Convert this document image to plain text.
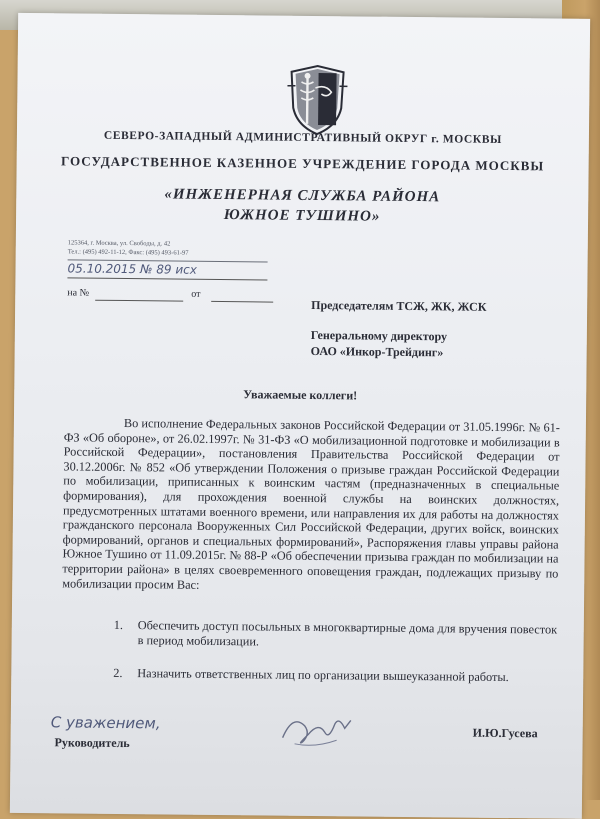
СЕВЕРО-ЗАПАДНЫЙ АДМИНИСТРАТИВНЫЙ ОКРУГ г. МОСКВЫ
ГОСУДАРСТВЕННОЕ КАЗЕННОЕ УЧРЕЖДЕНИЕ ГОРОДА МОСКВЫ
«ИНЖЕНЕРНАЯ СЛУЖБА РАЙОНА
ЮЖНОЕ ТУШИНО»
125364, г. Москва, ул. Свободы, д. 42
Тел.: (495) 492-11-12, Факс: (495) 493-61-97
05.10.2015 № 89 исх
на №	от
Председателям ТСЖ, ЖК, ЖСК
Генеральному директору
ОАО «Инкор-Трейдинг»
Уважаемые коллеги!

Во исполнение Федеральных законов Российской Федерации от 31.05.1996г. № 61-ФЗ «Об обороне», от 26.02.1997г. № 31-ФЗ «О мобилизационной подготовке и мобилизации в Российской Федерации», постановления Правительства Российской Федерации от 30.12.2006г. № 852 «Об утверждении Положения о призыве граждан Российской Федерации по мобилизации, приписанных к воинским частям (предназначенных в специальные формирования), для прохождения военной службы на воинских должностях, предусмотренных штатами военного времени, или направления их для работы на должностях гражданского персонала Вооруженных Сил Российской Федерации, других войск, воинских формирований, органов и специальных формирований», Распоряжения главы управы района Южное Тушино от 11.09.2015г. № 88-Р «Об обеспечении призыва граждан по мобилизации на территории района» в целях своевременного оповещения граждан, подлежащих призыву по мобилизации просим Вас:

1. Обеспечить доступ посыльных в многоквартирные дома для вручения повесток в период мобилизации.
2. Назначить ответственных лиц по организации вышеуказанной работы.
С уважением,
Руководитель
И.Ю.Гусева
